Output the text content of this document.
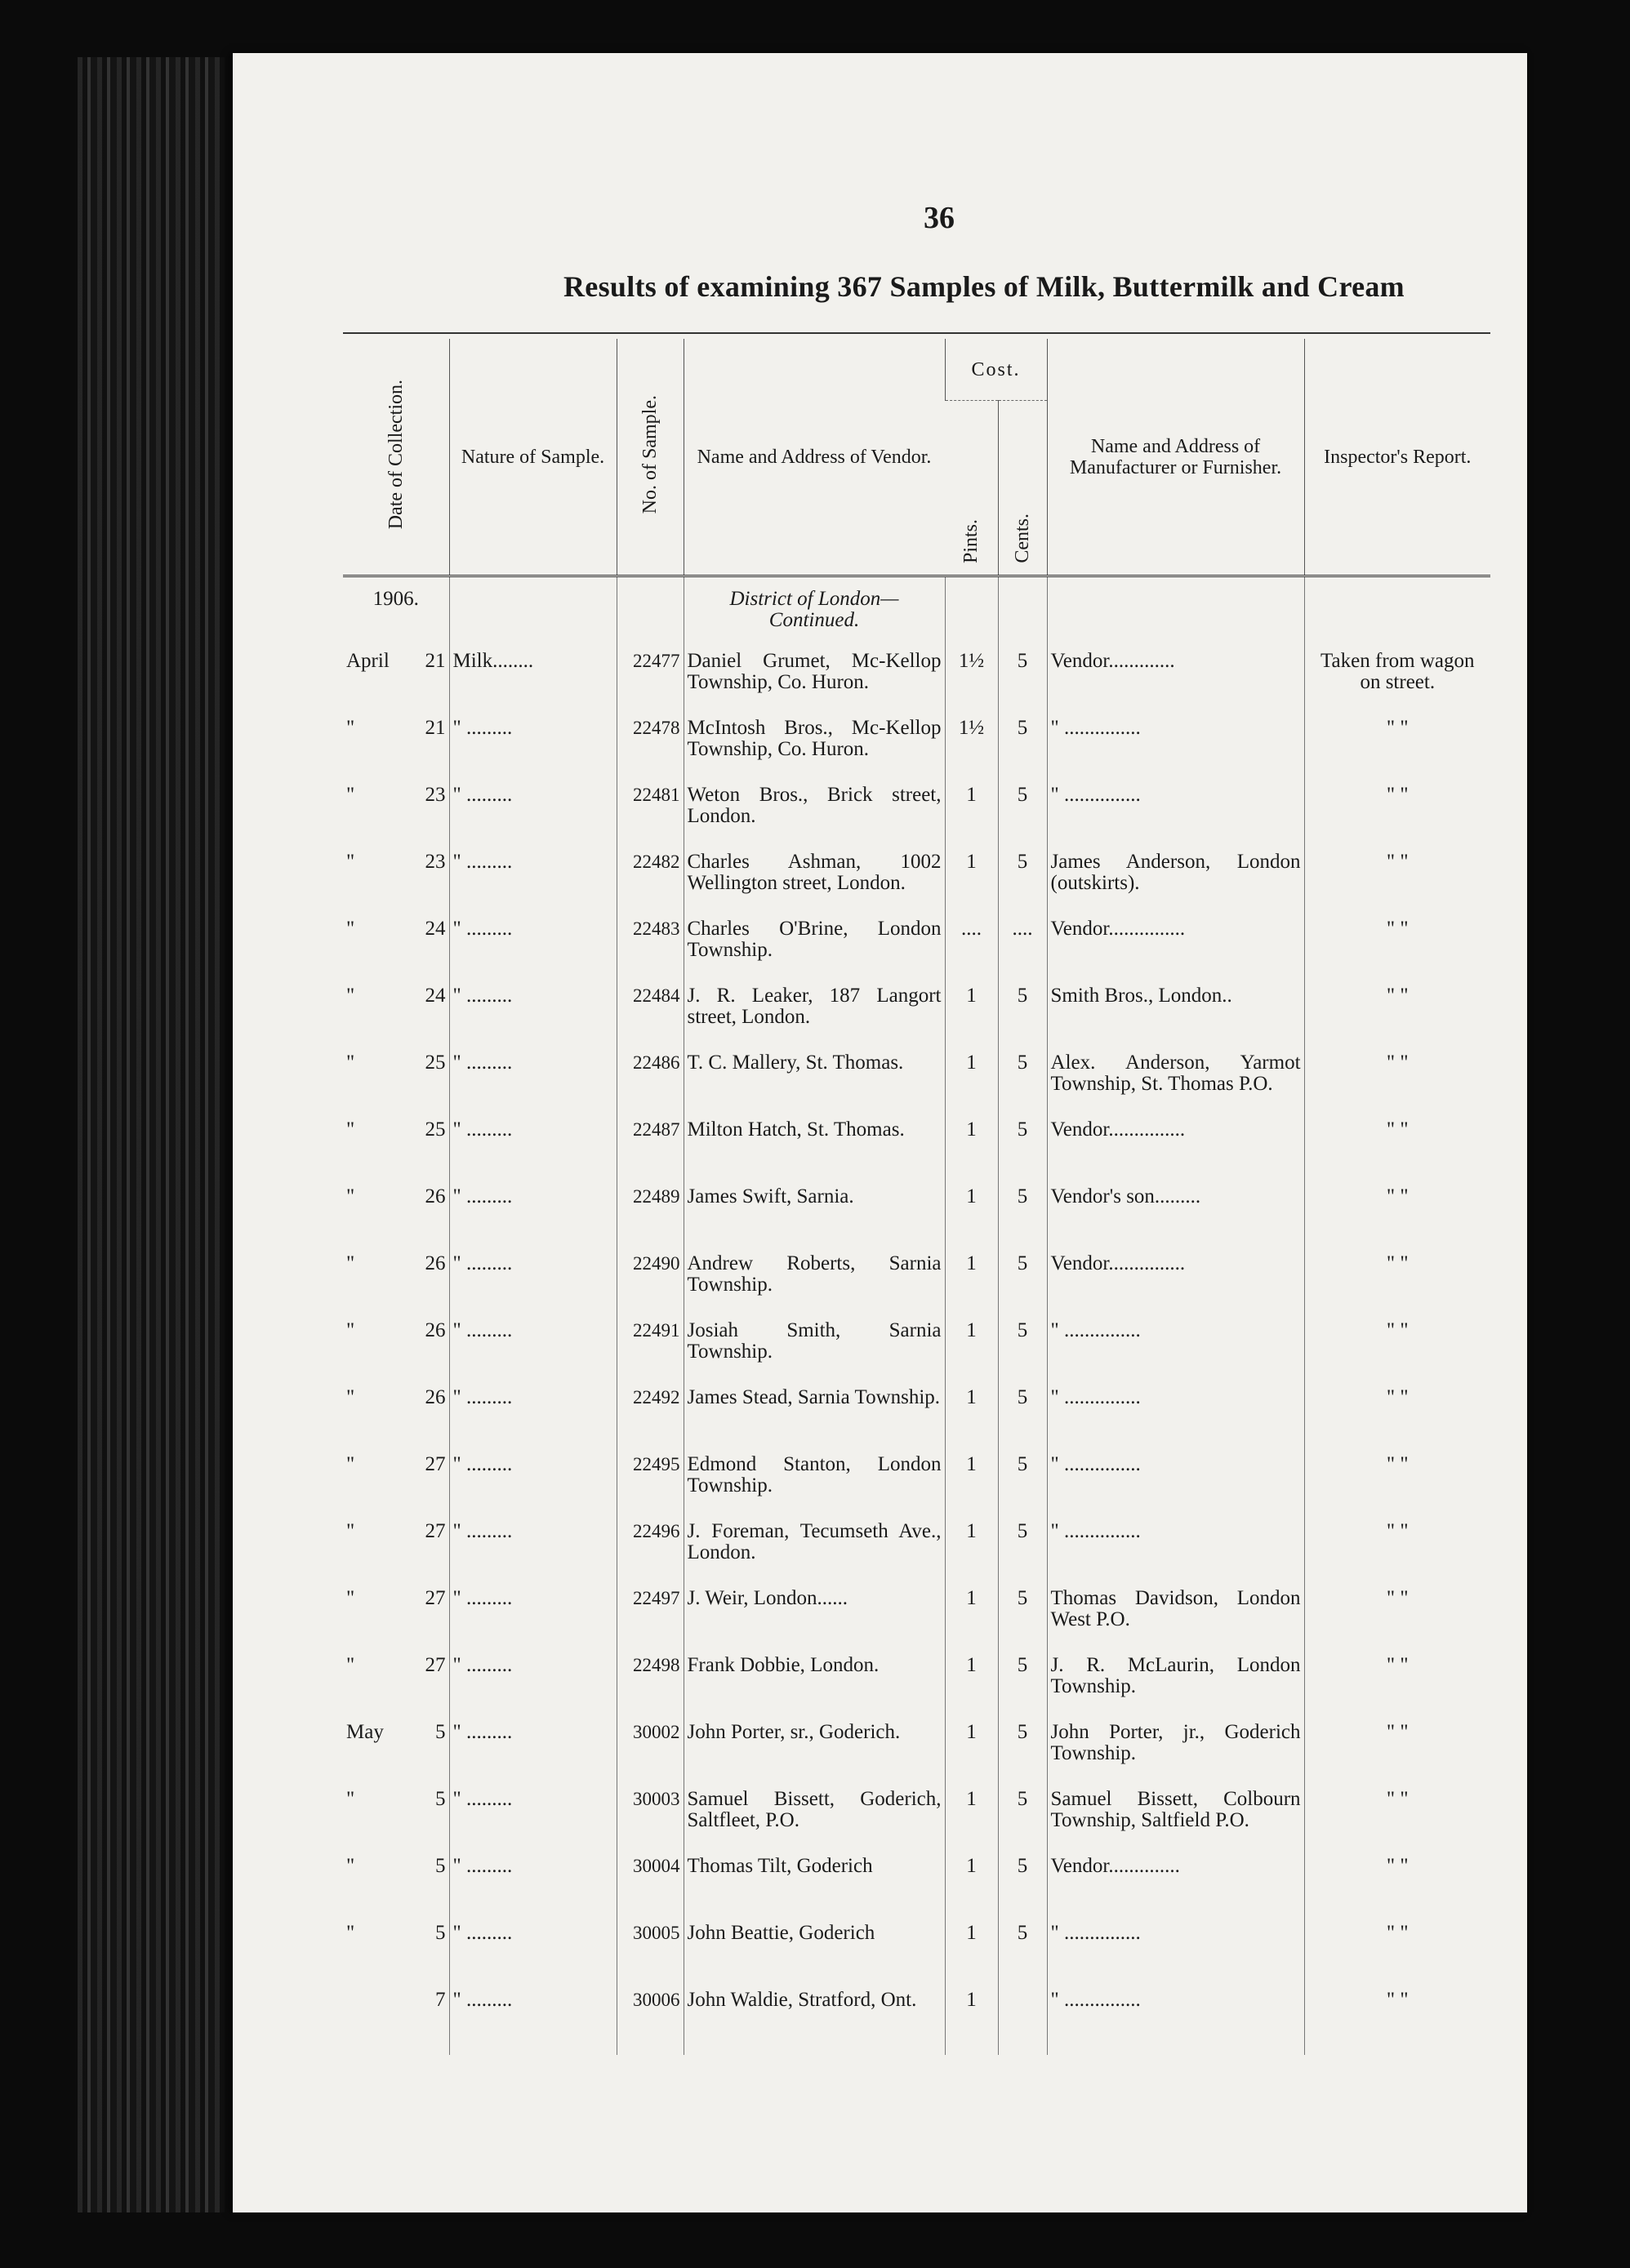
36
Results of examining 367 Samples of Milk, Buttermilk and Cream
Date of Collection.	Nature of Sample.	No. of Sample.	Name and Address of Vendor.	Cost.		Name and Address of Manufacturer or Furnisher.	Inspector's Report.
				Pints.	Cents.		
1906.			District of London— Continued.				

April 21	Milk........	22477	Daniel Grumet, Mc-Kellop Township, Co. Huron.	1½	5	Vendor.............	Taken from wagon on street.

" 21	" .........	22478	McIntosh Bros., Mc-Kellop Township, Co. Huron.	1½	5	" ...............	" "

" 23	" .........	22481	Weton Bros., Brick street, London.	1	5	" ...............	" "

" 23	" .........	22482	Charles Ashman, 1002 Wellington street, London.	1	5	James Anderson, London (outskirts).	" "

" 24	" .........	22483	Charles O'Brine, London Township.	....	....	Vendor...............	" "

" 24	" .........	22484	J. R. Leaker, 187 Langort street, London.	1	5	Smith Bros., London..	" "

" 25	" .........	22486	T. C. Mallery, St. Thomas.	1	5	Alex. Anderson, Yarmot Township, St. Thomas P.O.	" "

" 25	" .........	22487	Milton Hatch, St. Thomas.	1	5	Vendor...............	" "

" 26	" .........	22489	James Swift, Sarnia.	1	5	Vendor's son.........	" "

" 26	" .........	22490	Andrew Roberts, Sarnia Township.	1	5	Vendor...............	" "

" 26	" .........	22491	Josiah Smith, Sarnia Township.	1	5	" ...............	" "

" 26	" .........	22492	James Stead, Sarnia Township.	1	5	" ...............	" "

" 27	" .........	22495	Edmond Stanton, London Township.	1	5	" ...............	" "

" 27	" .........	22496	J. Foreman, Tecumseth Ave., London.	1	5	" ...............	" "

" 27	" .........	22497	J. Weir, London......	1	5	Thomas Davidson, London West P.O.	" "

" 27	" .........	22498	Frank Dobbie, London.	1	5	J. R. McLaurin, London Township.	" "

May 5	" .........	30002	John Porter, sr., Goderich.	1	5	John Porter, jr., Goderich Township.	" "

" 5	" .........	30003	Samuel Bissett, Goderich, Saltfleet, P.O.	1	5	Samuel Bissett, Colbourn Township, Saltfield P.O.	" "

" 5	" .........	30004	Thomas Tilt, Goderich	1	5	Vendor..............	" "

" 5	" .........	30005	John Beattie, Goderich	1	5	" ...............	" "

7	" .........	30006	John Waldie, Stratford, Ont.	1		" ...............	" "
